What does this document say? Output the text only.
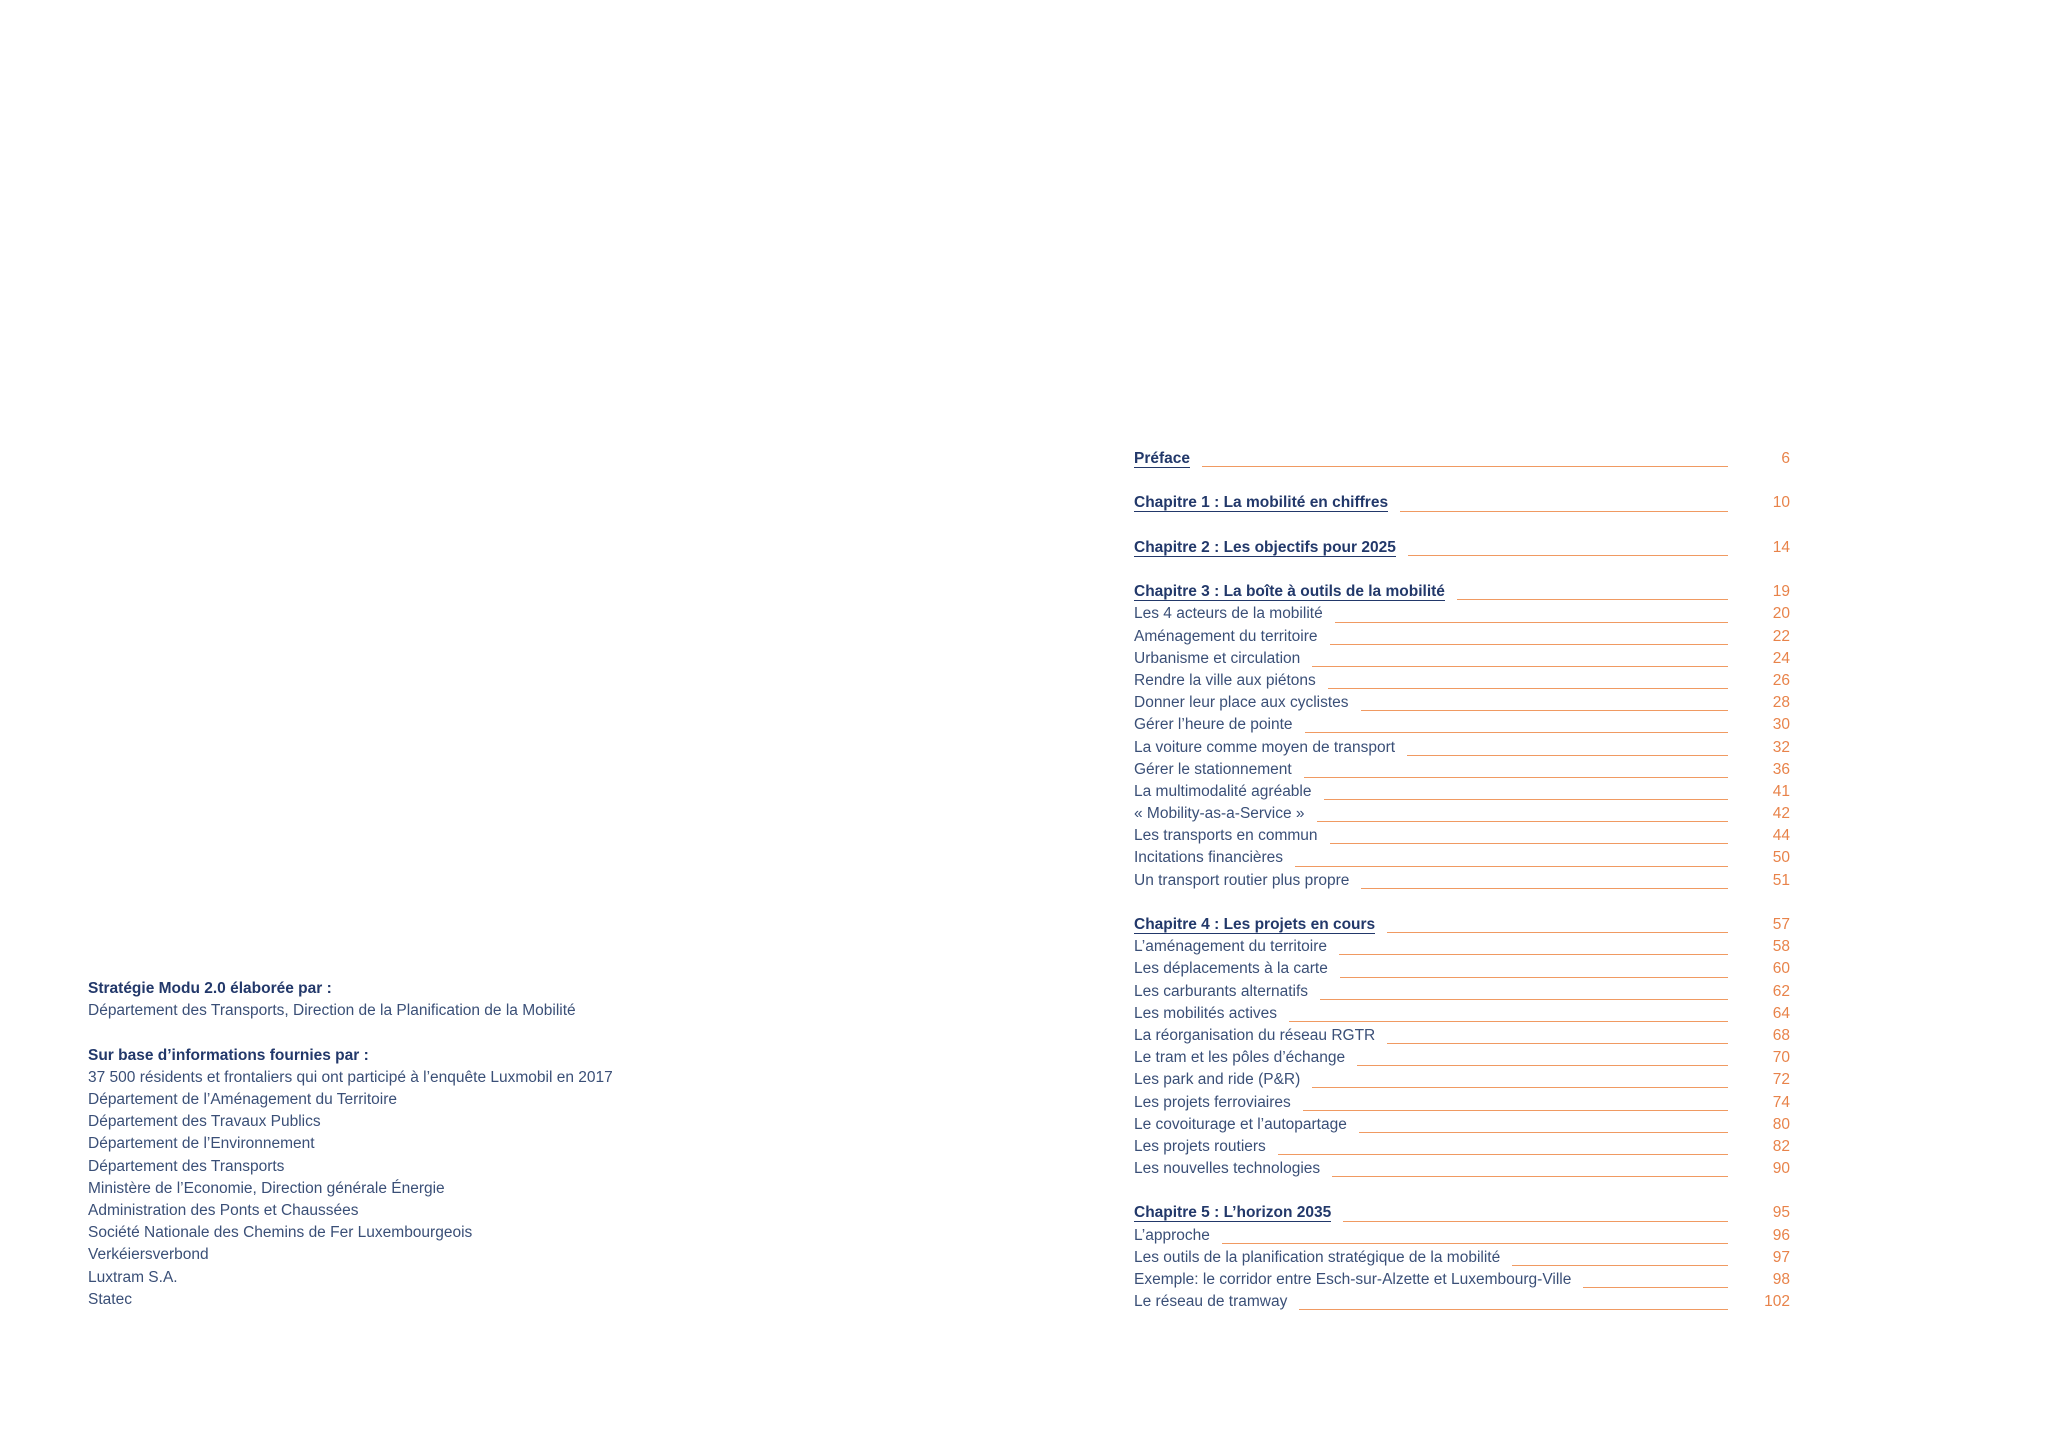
Stratégie Modu 2.0 élaborée par :
Département des Transports, Direction de la Planification de la Mobilité
Sur base d’informations fournies par :
37 500 résidents et frontaliers qui ont participé à l’enquête Luxmobil en 2017
Département de l’Aménagement du Territoire
Département des Travaux Publics
Département de l’Environnement
Département des Transports
Ministère de l’Economie, Direction générale Énergie
Administration des Ponts et Chaussées
Société Nationale des Chemins de Fer Luxembourgeois
Verkéiersverbond
Luxtram S.A.
Statec
Préface	6
Chapitre 1 : La mobilité en chiffres	10
Chapitre 2 : Les objectifs pour 2025	14
Chapitre 3 : La boîte à outils de la mobilité	19
Les 4 acteurs de la mobilité	20
Aménagement du territoire	22
Urbanisme et circulation	24
Rendre la ville aux piétons	26
Donner leur place aux cyclistes	28
Gérer l’heure de pointe	30
La voiture comme moyen de transport	32
Gérer le stationnement	36
La multimodalité agréable	41
« Mobility-as-a-Service »	42
Les transports en commun	44
Incitations financières	50
Un transport routier plus propre	51
Chapitre 4 : Les projets en cours	57
L’aménagement du territoire	58
Les déplacements à la carte	60
Les carburants alternatifs	62
Les mobilités actives	64
La réorganisation du réseau RGTR	68
Le tram et les pôles d’échange	70
Les park and ride (P&R)	72
Les projets ferroviaires	74
Le covoiturage et l’autopartage	80
Les projets routiers	82
Les nouvelles technologies	90
Chapitre 5 : L’horizon 2035	95
L’approche	96
Les outils de la planification stratégique de la mobilité	97
Exemple: le corridor entre Esch-sur-Alzette et Luxembourg-Ville	98
Le réseau de tramway	102
